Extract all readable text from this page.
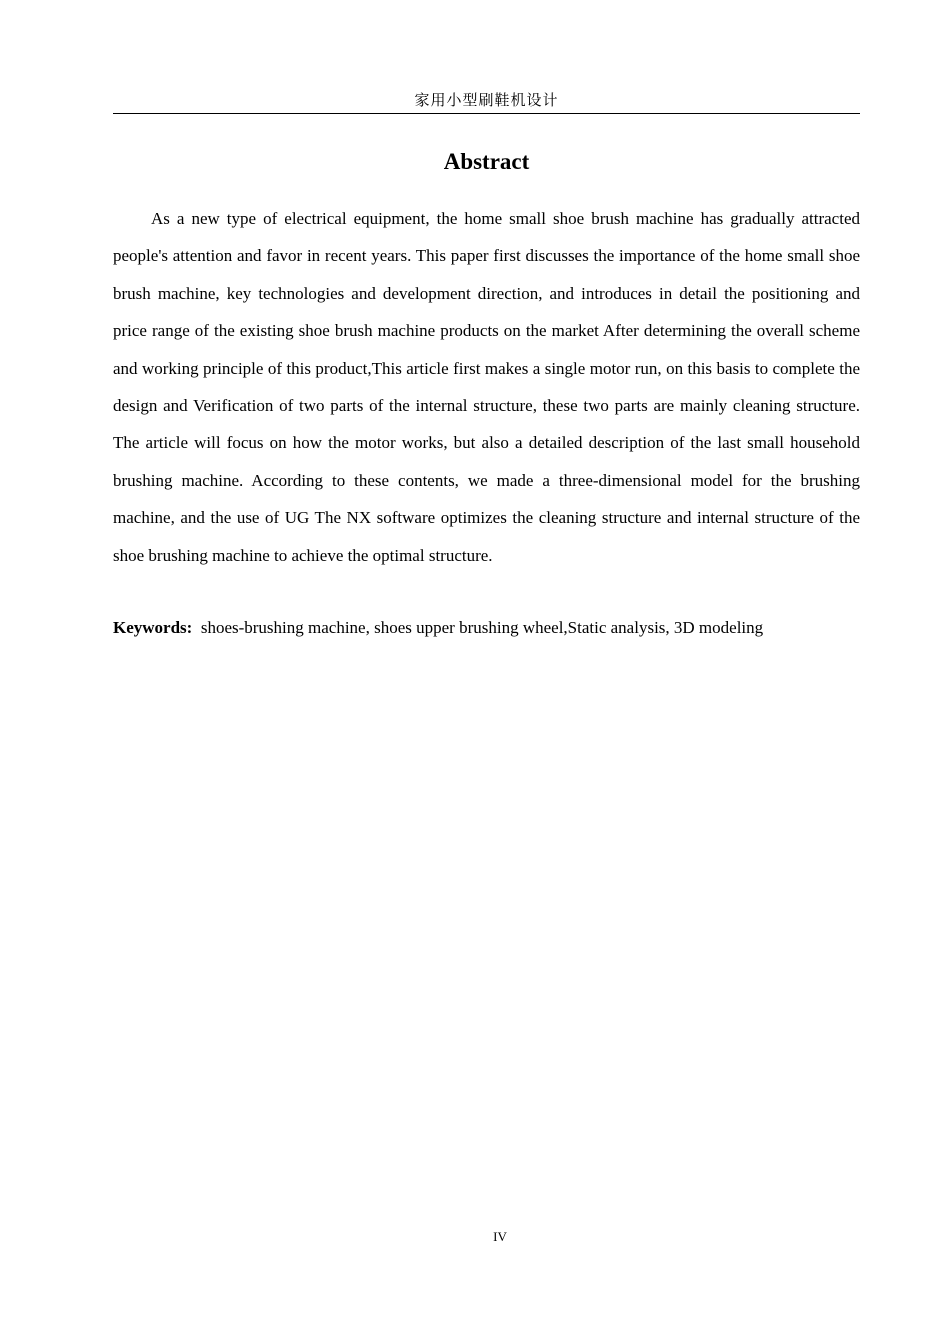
家用小型刷鞋机设计
Abstract

As a new type of electrical equipment, the home small shoe brush machine has gradually attracted people's attention and favor in recent years. This paper first discusses the importance of the home small shoe brush machine, key technologies and development direction, and introduces in detail the positioning and price range of the existing shoe brush machine products on the market After determining the overall scheme and working principle of this product,This article first makes a single motor run, on this basis to complete the design and Verification of two parts of the internal structure, these two parts are mainly cleaning structure. The article will focus on how the motor works, but also a detailed description of the last small household brushing machine. According to these contents, we made a three-dimensional model for the brushing machine, and the use of UG The NX software optimizes the cleaning structure and internal structure of the shoe brushing machine to achieve the optimal structure.

Keywords: shoes-brushing machine, shoes upper brushing wheel,Static analysis, 3D modeling
IV
